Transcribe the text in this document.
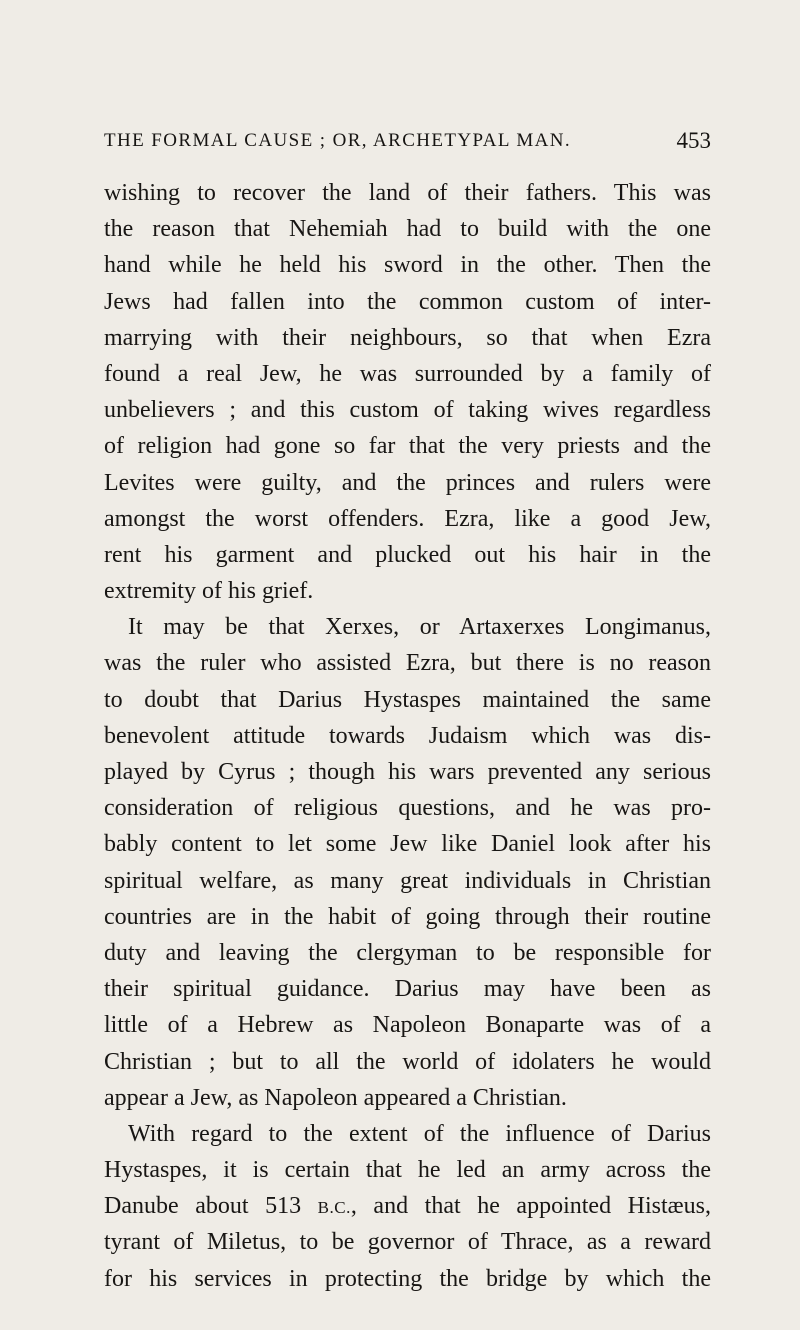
THE FORMAL CAUSE ; OR, ARCHETYPAL MAN.	453
wishing to recover the land of their fathers. This was
the reason that Nehemiah had to build with the one
hand while he held his sword in the other. Then the
Jews had fallen into the common custom of inter-
marrying with their neighbours, so that when Ezra
found a real Jew, he was surrounded by a family of
unbelievers ; and this custom of taking wives regardless
of religion had gone so far that the very priests and the
Levites were guilty, and the princes and rulers were
amongst the worst offenders. Ezra, like a good Jew,
rent his garment and plucked out his hair in the
extremity of his grief.
It may be that Xerxes, or Artaxerxes Longimanus,
was the ruler who assisted Ezra, but there is no reason
to doubt that Darius Hystaspes maintained the same
benevolent attitude towards Judaism which was dis-
played by Cyrus ; though his wars prevented any serious
consideration of religious questions, and he was pro-
bably content to let some Jew like Daniel look after his
spiritual welfare, as many great individuals in Christian
countries are in the habit of going through their routine
duty and leaving the clergyman to be responsible for
their spiritual guidance. Darius may have been as
little of a Hebrew as Napoleon Bonaparte was of a
Christian ; but to all the world of idolaters he would
appear a Jew, as Napoleon appeared a Christian.
With regard to the extent of the influence of Darius
Hystaspes, it is certain that he led an army across the
Danube about 513 B.C., and that he appointed Histæus,
tyrant of Miletus, to be governor of Thrace, as a reward
for his services in protecting the bridge by which the
